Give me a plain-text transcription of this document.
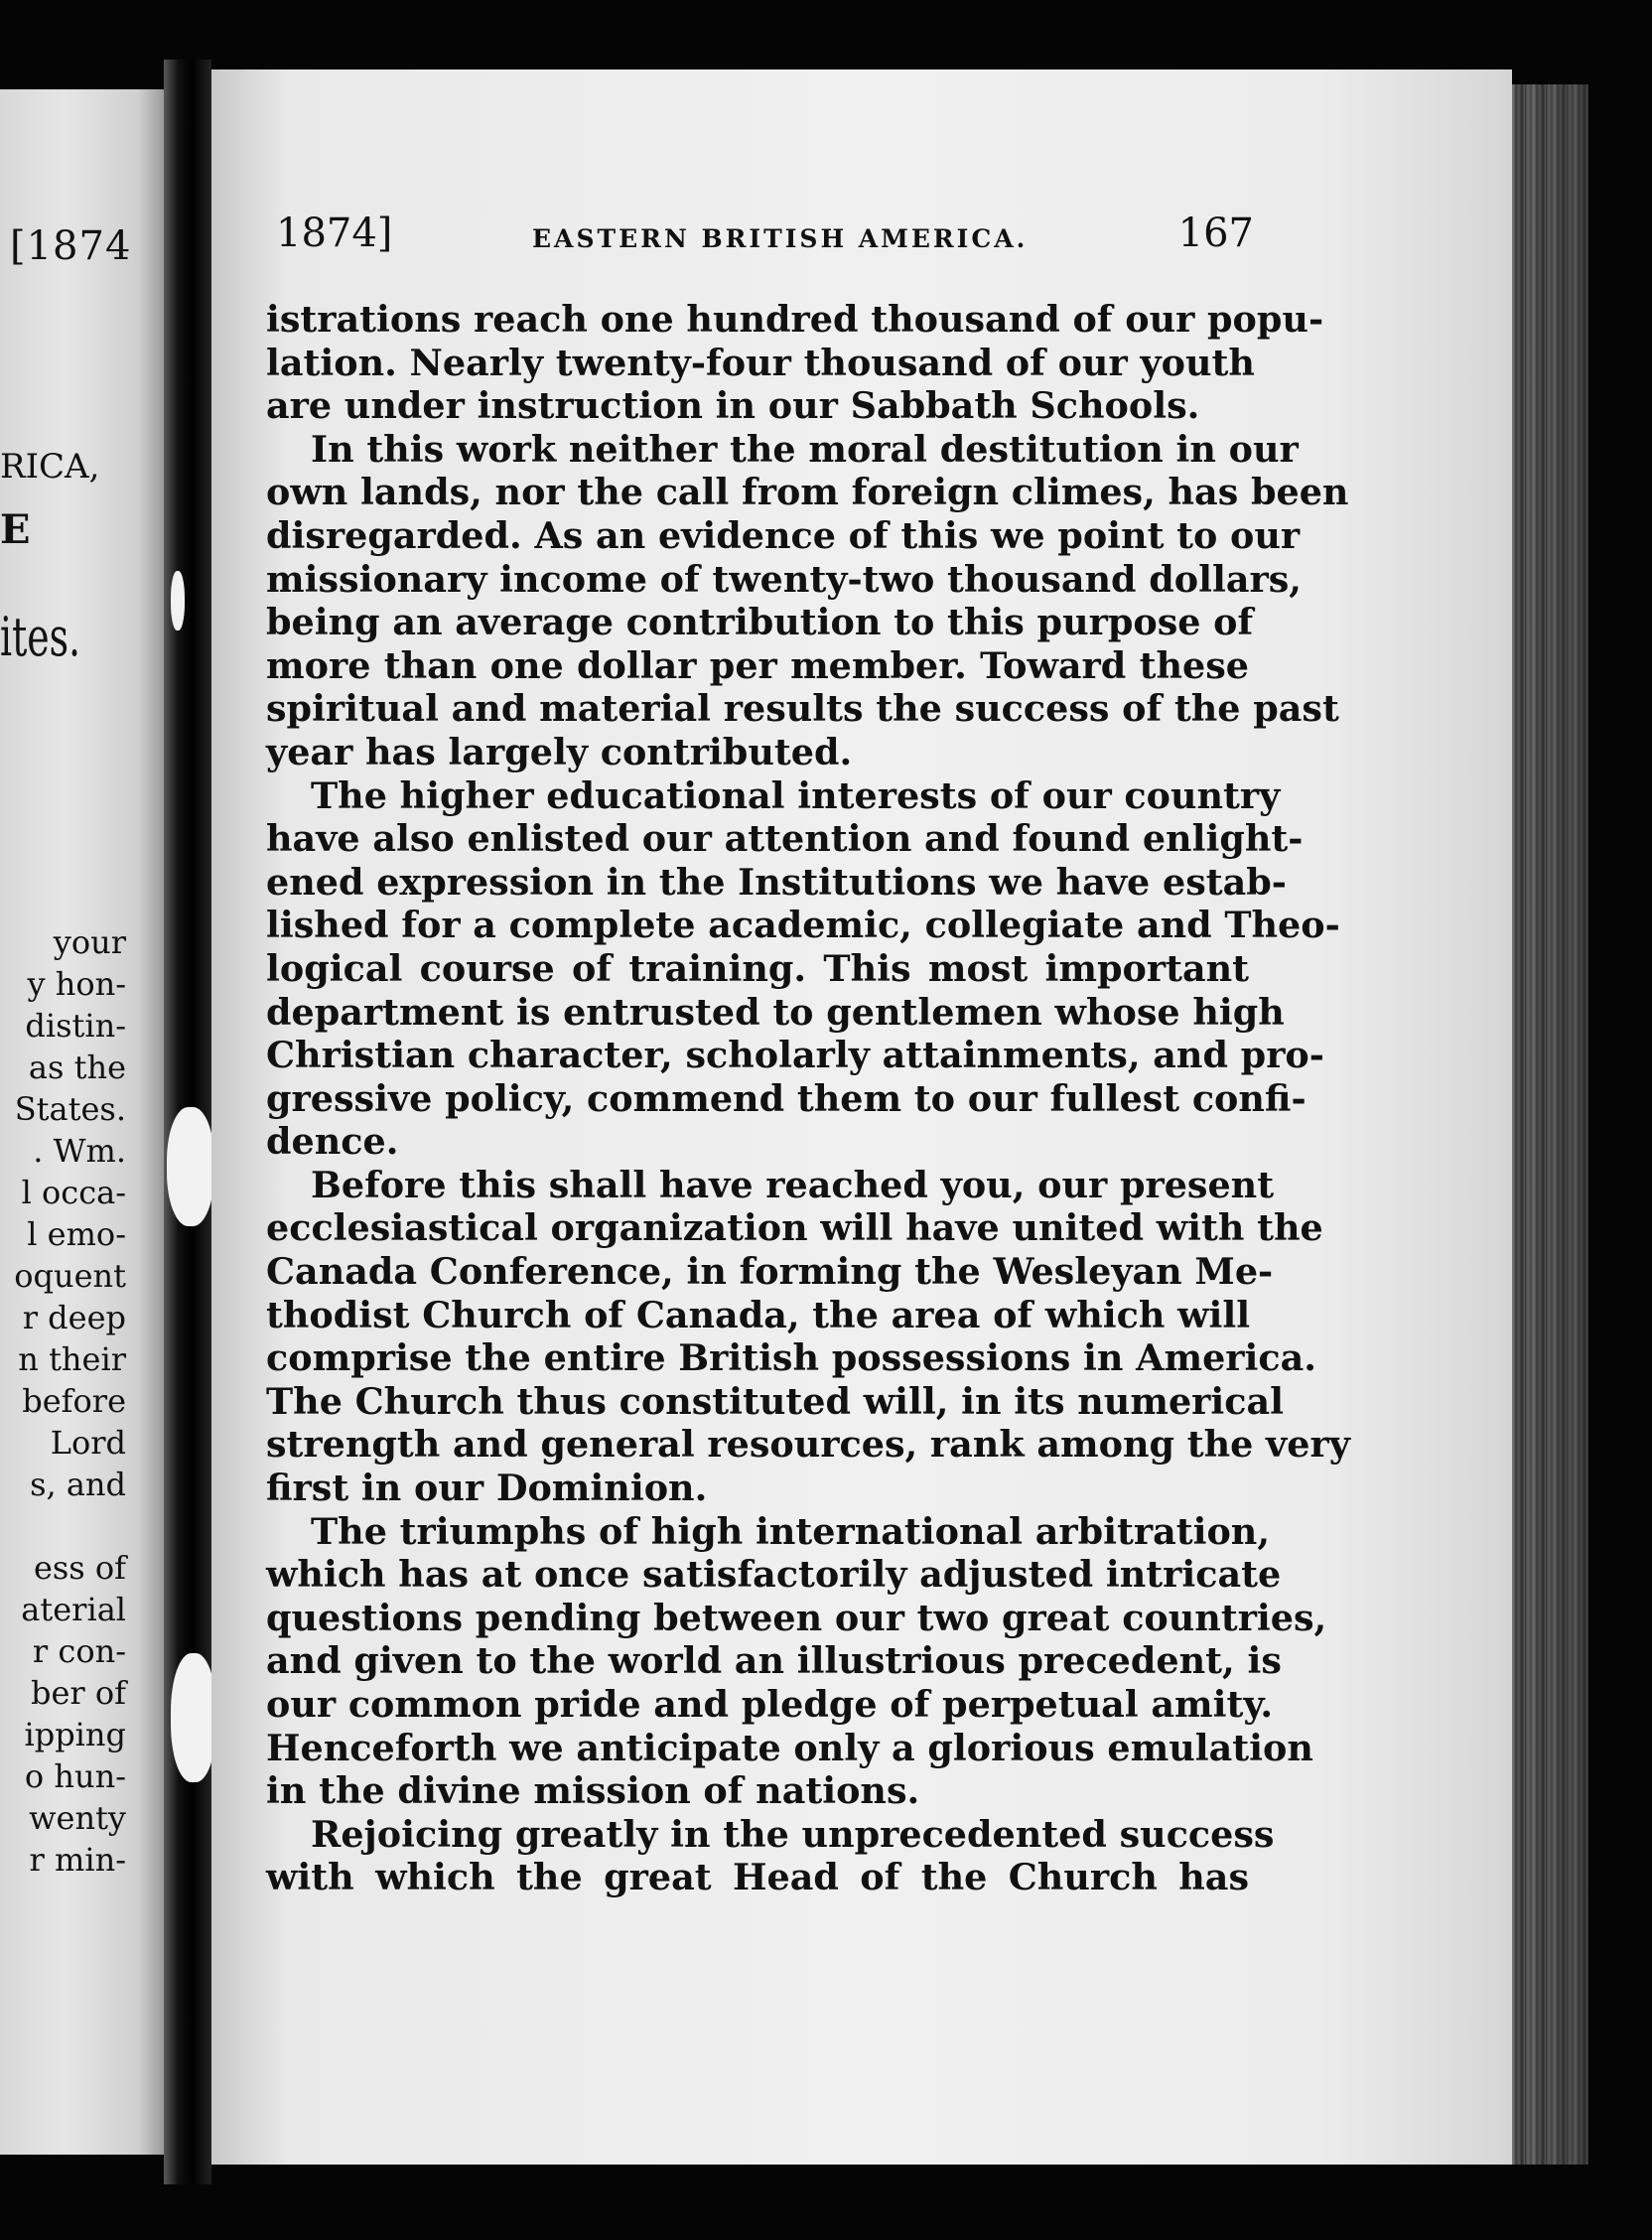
[1874
RICA,
E
ites.
your
y hon-
distin-
as the
States.
. Wm.
l occa-
l emo-
oquent
r deep
n their
before
Lord
s, and
ess of
aterial
r con-
ber of
ipping
o hun-
wenty
r min-
1874]	EASTERN BRITISH AMERICA.	167
istrations reach one hundred thousand of our popu-
lation. Nearly twenty-four thousand of our youth
are under instruction in our Sabbath Schools.
In this work neither the moral destitution in our
own lands, nor the call from foreign climes, has been
disregarded. As an evidence of this we point to our
missionary income of twenty-two thousand dollars,
being an average contribution to this purpose of
more than one dollar per member. Toward these
spiritual and material results the success of the past
year has largely contributed.
The higher educational interests of our country
have also enlisted our attention and found enlight-
ened expression in the Institutions we have estab-
lished for a complete academic, collegiate and Theo-
logical course of training. This most important
department is entrusted to gentlemen whose high
Christian character, scholarly attainments, and pro-
gressive policy, commend them to our fullest confi-
dence.
Before this shall have reached you, our present
ecclesiastical organization will have united with the
Canada Conference, in forming the Wesleyan Me-
thodist Church of Canada, the area of which will
comprise the entire British possessions in America.
The Church thus constituted will, in its numerical
strength and general resources, rank among the very
first in our Dominion.
The triumphs of high international arbitration,
which has at once satisfactorily adjusted intricate
questions pending between our two great countries,
and given to the world an illustrious precedent, is
our common pride and pledge of perpetual amity.
Henceforth we anticipate only a glorious emulation
in the divine mission of nations.
Rejoicing greatly in the unprecedented success
with which the great Head of the Church has
